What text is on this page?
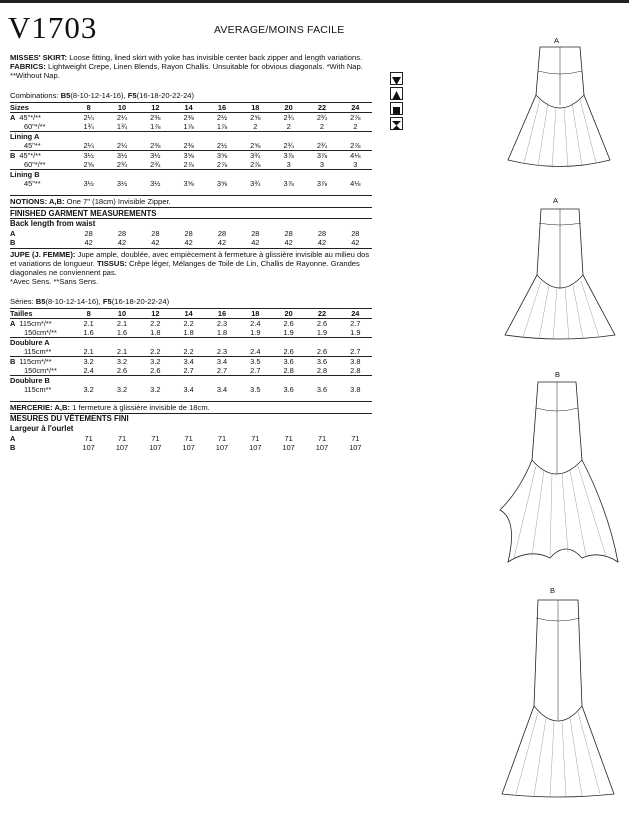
V1703	AVERAGE/MOINS FACILE
MISSES' SKIRT: Loose fitting, lined skirt with yoke has invisible center back zipper and length variations. FABRICS: Lightweight Crepe, Linen Blends, Rayon Challis. Unsuitable for obvious diagonals. *With Nap. **Without Nap.
Combinations: B5(8-10-12-14-16), F5(16-18-20-22-24)
Sizes	8	10	12	14	16	18	20	22	24
A 45"*/**	2¼	2¼	2⅜	2⅜	2½	2⅝	2¾	2¾	2⅞
60"*/**	1¾	1¾	1⅞	1⅞	1⅞	2	2	2	2
Lining A									
45"**	2¼	2¼	2⅜	2⅜	2½	2⅝	2¾	2¾	2⅞
B 45"*/**	3½	3½	3½	3⅝	3⅝	3¾	3⅞	3⅞	4⅛
60"*/**	2⅝	2¾	2¾	2⅞	2⅞	2⅞	3	3	3
Lining B									
45"**	3½	3½	3½	3⅝	3⅝	3¾	3⅞	3⅞	4⅛
NOTIONS: A,B: One 7" (18cm) Invisible Zipper.
FINISHED GARMENT MEASUREMENTS
Back length from waist
A	28	28	28	28	28	28	28	28	28
B	42	42	42	42	42	42	42	42	42
JUPE (J. FEMME): Jupe ample, doublée, avec empiècement à fermeture à glissière invisible au milieu dos et variations de longueur. TISSUS: Crêpe léger, Mélanges de Toile de Lin, Challis de Rayonne. Grandes diagonales ne conviennent pas.
*Avec Sens. **Sans Sens.
Séries: B5(8-10-12-14-16), F5(16-18-20-22-24)
Tailles	8	10	12	14	16	18	20	22	24
A 115cm*/**	2.1	2.1	2.2	2.2	2.3	2.4	2.6	2.6	2.7
150cm*/**	1.6	1.6	1.8	1.8	1.8	1.9	1.9	1.9	1.9
Doublure A									
115cm**	2.1	2.1	2.2	2.2	2.3	2.4	2.6	2.6	2.7
B 115cm*/**	3.2	3.2	3.2	3.4	3.4	3.5	3.6	3.6	3.8
150cm*/**	2.4	2.6	2.6	2.7	2.7	2.7	2.8	2.8	2.8
Doublure B									
115cm**	3.2	3.2	3.2	3.4	3.4	3.5	3.6	3.6	3.8
MERCERIE: A,B: 1 fermeture à glissière invisible de 18cm.
MESURES DU VÊTEMENTS FINI
Largeur à l'ourlet
A	71	71	71	71	71	71	71	71	71
B	107	107	107	107	107	107	107	107	107
A
A
B
B
